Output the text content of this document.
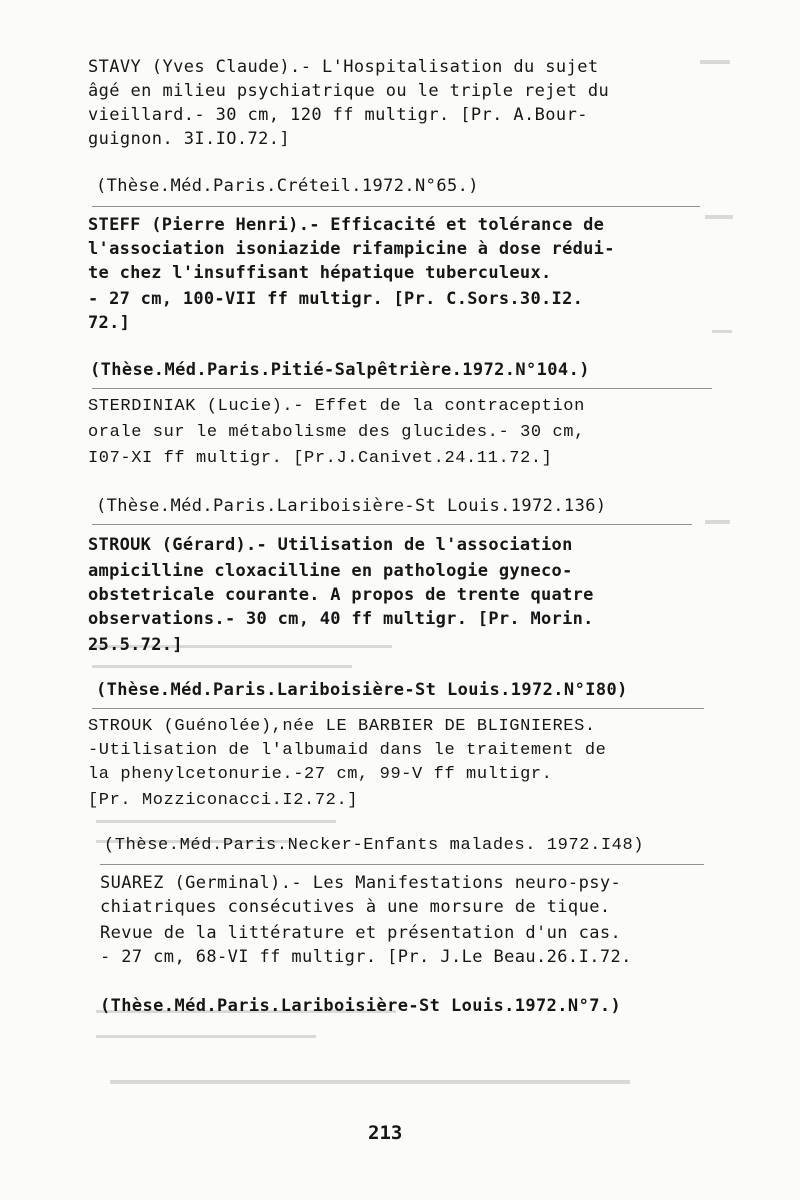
STAVY (Yves Claude).- L'Hospitalisation du sujet
âgé en milieu psychiatrique ou le triple rejet du
vieillard.- 30 cm, 120 ff multigr. [Pr. A.Bour-
guignon. 3I.IO.72.]
(Thèse.Méd.Paris.Créteil.1972.N°65.)
STEFF (Pierre Henri).- Efficacité et tolérance de
l'association isoniazide rifampicine à dose rédui-
te chez l'insuffisant hépatique tuberculeux.
- 27 cm, 100-VII ff multigr. [Pr. C.Sors.30.I2.
72.]
(Thèse.Méd.Paris.Pitié-Salpêtrière.1972.N°104.)
STERDINIAK (Lucie).- Effet de la contraception
orale sur le métabolisme des glucides.- 30 cm,
I07-XI ff multigr. [Pr.J.Canivet.24.11.72.]
(Thèse.Méd.Paris.Lariboisière-St Louis.1972.136)
STROUK (Gérard).- Utilisation de l'association
ampicilline cloxacilline en pathologie gyneco-
obstetricale courante. A propos de trente quatre
observations.- 30 cm, 40 ff multigr. [Pr. Morin.
25.5.72.]
(Thèse.Méd.Paris.Lariboisière-St Louis.1972.N°I80)
STROUK (Guénolée),née LE BARBIER DE BLIGNIERES.
-Utilisation de l'albumaid dans le traitement de
la phenylcetonurie.-27 cm, 99-V ff multigr.
[Pr. Mozziconacci.I2.72.]
(Thèse.Méd.Paris.Necker-Enfants malades. 1972.I48)
SUAREZ (Germinal).- Les Manifestations neuro-psy-
chiatriques consécutives à une morsure de tique.
Revue de la littérature et présentation d'un cas.
- 27 cm, 68-VI ff multigr. [Pr. J.Le Beau.26.I.72.
(Thèse.Méd.Paris.Lariboisière-St Louis.1972.N°7.)
213
